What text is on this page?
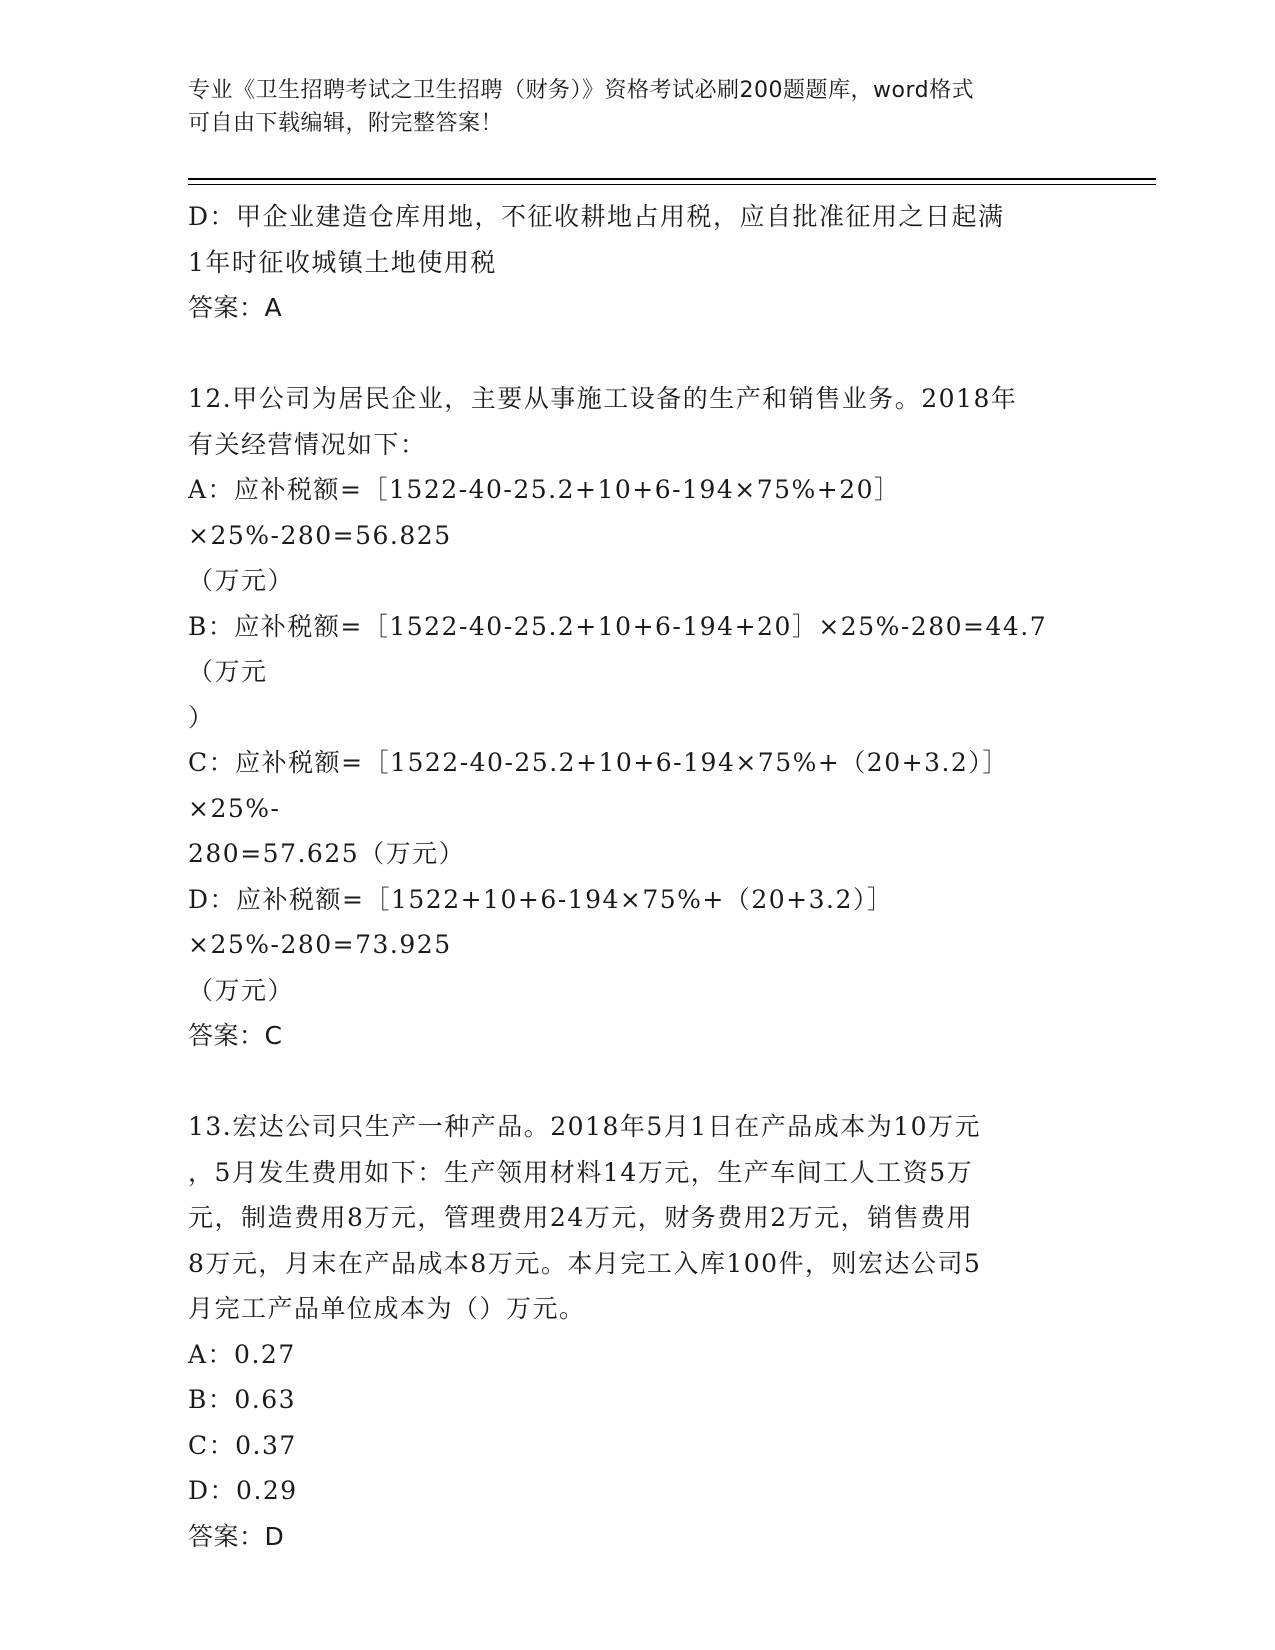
专业《卫生招聘考试之卫生招聘（财务）》资格考试必刷200题题库，word格式
可自由下载编辑，附完整答案！

D：甲企业建造仓库用地，不征收耕地占用税，应自批准征用之日起满

1年时征收城镇土地使用税

答案：A

12.甲公司为居民企业，主要从事施工设备的生产和销售业务。2018年

有关经营情况如下：

A：应补税额=［1522-40-25.2+10+6-194×75%+20］×25%-280=56.825

（万元）

B：应补税额=［1522-40-25.2+10+6-194+20］×25%-280=44.7（万元

）

C：应补税额=［1522-40-25.2+10+6-194×75%+（20+3.2）］×25%-

280=57.625（万元）

D：应补税额=［1522+10+6-194×75%+（20+3.2）］×25%-280=73.925

（万元）

答案：C

13.宏达公司只生产一种产品。2018年5月1日在产品成本为10万元

，5月发生费用如下：生产领用材料14万元，生产车间工人工资5万

元，制造费用8万元，管理费用24万元，财务费用2万元，销售费用

8万元，月末在产品成本8万元。本月完工入库100件，则宏达公司5

月完工产品单位成本为（）万元。

A：0.27

B：0.63

C：0.37

D：0.29

答案：D
